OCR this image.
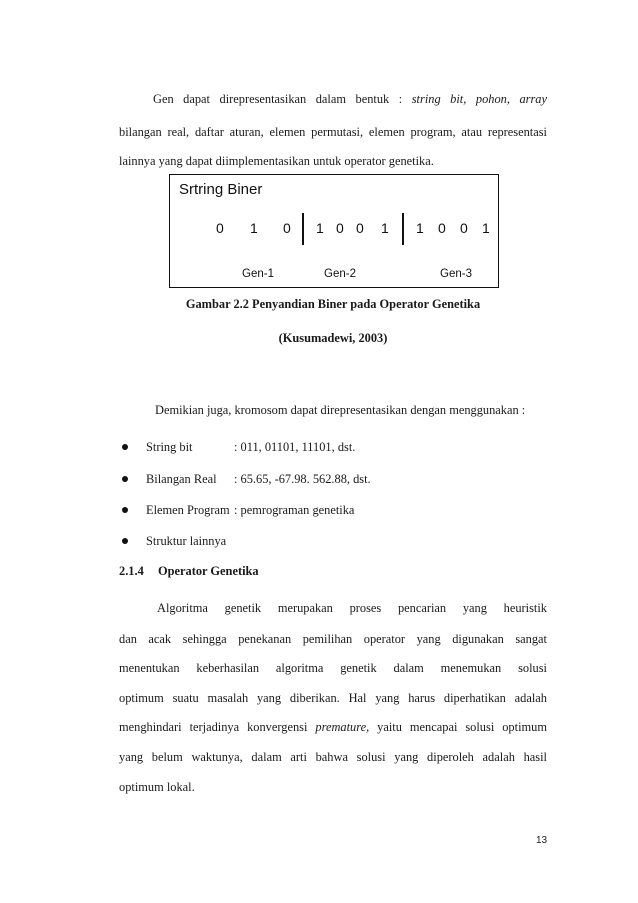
Gen dapat direpresentasikan dalam bentuk : string bit, pohon, array
bilangan real, daftar aturan, elemen permutasi, elemen program, atau representasi
lainnya yang dapat diimplementasikan untuk operator genetika.
Srtring Biner
0 1 0 1 0 0 1 1 0 0 1
Gen-1	Gen-2	Gen-3
Gambar 2.2 Penyandian Biner pada Operator Genetika
(Kusumadewi, 2003)
Demikian juga, kromosom dapat direpresentasikan dengan menggunakan :
String bit	: 011, 01101, 11101, dst.
Bilangan Real : 65.65, -67.98. 562.88, dst.
Elemen Program : pemrograman genetika
Struktur lainnya
2.1.4 Operator Genetika
Algoritma genetik merupakan proses pencarian yang heuristik
dan acak sehingga penekanan pemilihan operator yang digunakan sangat
menentukan keberhasilan algoritma genetik dalam menemukan solusi
optimum suatu masalah yang diberikan. Hal yang harus diperhatikan adalah
menghindari terjadinya konvergensi premature, yaitu mencapai solusi optimum
yang belum waktunya, dalam arti bahwa solusi yang diperoleh adalah hasil
optimum lokal.
13
